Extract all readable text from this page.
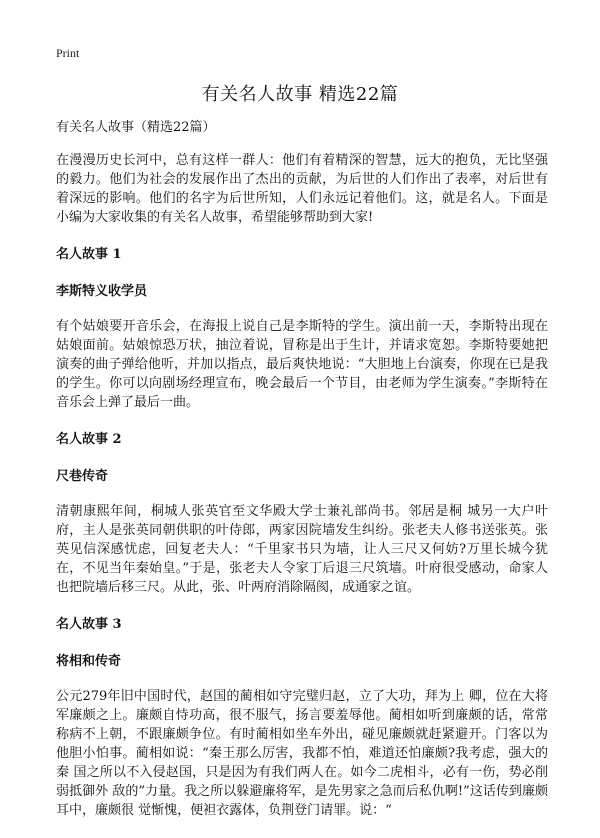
Print
有关名人故事 精选22篇

有关名人故事（精选22篇）

在漫漫历史长河中，总有这样一群人：他们有着精深的智慧，远大的抱负，无比坚强的毅力。他们为社会的发展作出了杰出的贡献，为后世的人们作出了表率，对后世有着深远的影响。他们的名字为后世所知，人们永远记着他们。这，就是名人。下面是小编为大家收集的有关名人故事，希望能够帮助到大家!

名人故事 1
李斯特义收学员

有个姑娘要开音乐会，在海报上说自己是李斯特的学生。演出前一天，李斯特出现在姑娘面前。姑娘惊恐万状，抽泣着说，冒称是出于生计，并请求宽恕。李斯特要她把演奏的曲子弹给他听，并加以指点，最后爽快地说：“大胆地上台演奏，你现在已是我的学生。你可以向剧场经理宣布，晚会最后一个节目，由老师为学生演奏。”李斯特在音乐会上弹了最后一曲。

名人故事 2
尺巷传奇

清朝康熙年间，桐城人张英官至文华殿大学士兼礼部尚书。邻居是桐 城另一大户叶府，主人是张英同朝供职的叶侍郎，两家因院墙发生纠纷。张老夫人修书送张英。张英见信深感忧虑，回复老夫人：“千里家书只为墙，让人三尺又何妨?万里长城今犹在，不见当年秦始皇。”于是，张老夫人令家丁后退三尺筑墙。叶府很受感动，命家人也把院墙后移三尺。从此，张、叶两府消除隔阂，成通家之谊。

名人故事 3
将相和传奇

公元279年旧中国时代，赵国的蔺相如守完璧归赵，立了大功，拜为上 卿，位在大将军廉颇之上。廉颇自恃功高，很不服气，扬言要羞辱他。蔺相如听到廉颇的话，常常称病不上朝，不跟廉颇争位。有时蔺相如坐车外出，碰见廉颇就赶紧避开。门客以为 他胆小怕事。蔺相如说：“秦王那么厉害，我都不怕，难道还怕廉颇?我考虑，强大的秦 国之所以不入侵赵国，只是因为有我们两人在。如今二虎相斗，必有一伤，势必削弱抵御外 敌的”力量。我之所以躲避廉将军，是先男家之急而后私仇啊!”这话传到廉颇耳中，廉颇很 觉惭愧，便袒衣露体，负荆登门请罪。说：“
